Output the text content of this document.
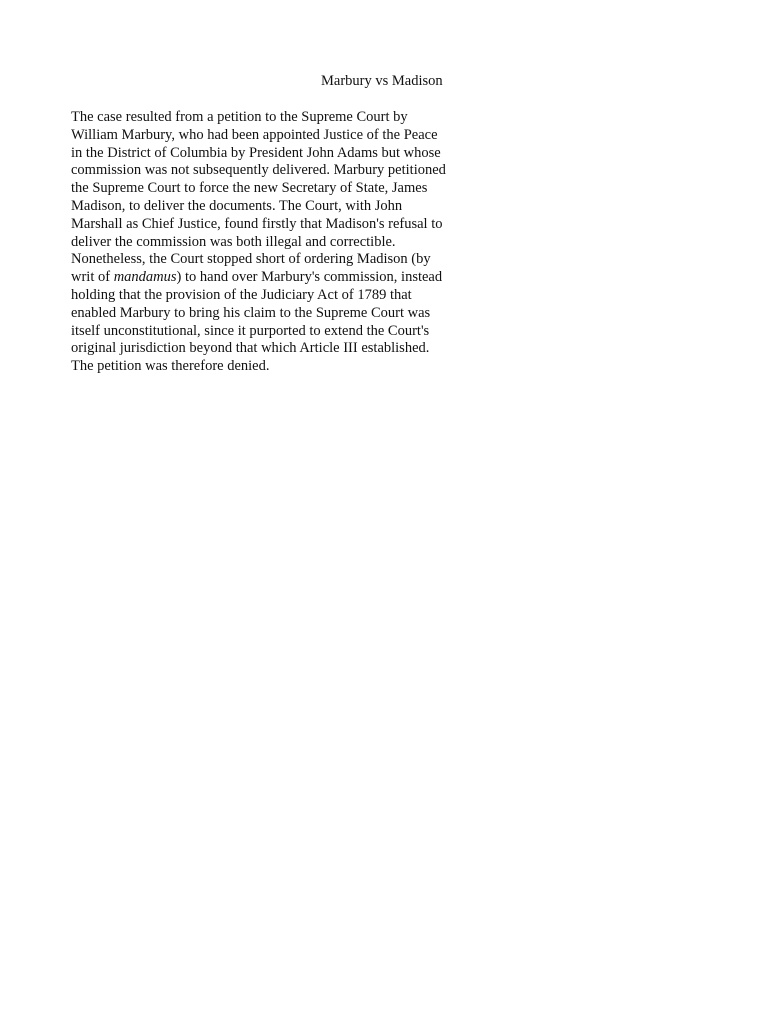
Marbury vs Madison
The case resulted from a petition to the Supreme Court by
William Marbury, who had been appointed Justice of the Peace
in the District of Columbia by President John Adams but whose
commission was not subsequently delivered. Marbury petitioned
the Supreme Court to force the new Secretary of State, James
Madison, to deliver the documents. The Court, with John
Marshall as Chief Justice, found firstly that Madison's refusal to
deliver the commission was both illegal and correctible.
Nonetheless, the Court stopped short of ordering Madison (by
writ of mandamus) to hand over Marbury's commission, instead
holding that the provision of the Judiciary Act of 1789 that
enabled Marbury to bring his claim to the Supreme Court was
itself unconstitutional, since it purported to extend the Court's
original jurisdiction beyond that which Article III established.
The petition was therefore denied.
